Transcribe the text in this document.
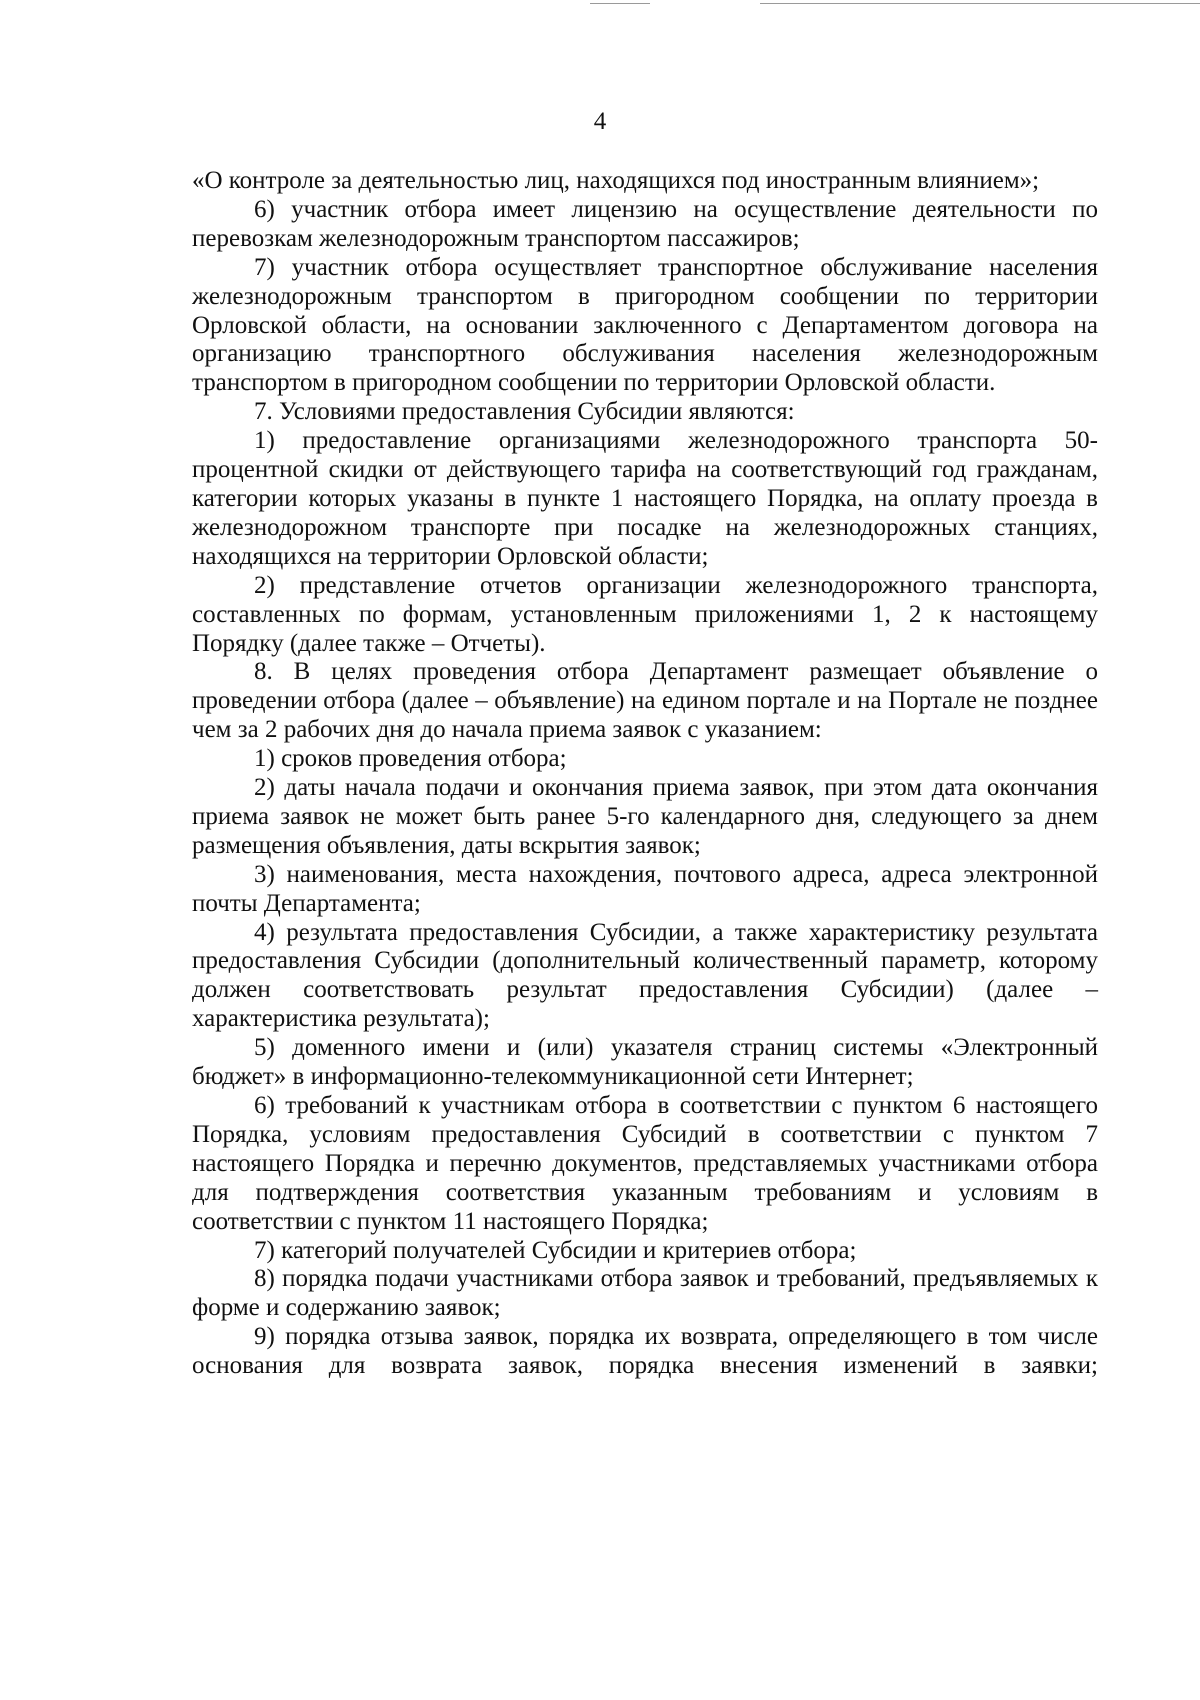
4

«О контроле за деятельностью лиц, находящихся под иностранным влиянием»;

6) участник отбора имеет лицензию на осуществление деятельности по перевозкам железнодорожным транспортом пассажиров;

7) участник отбора осуществляет транспортное обслуживание населения железнодорожным транспортом в пригородном сообщении по территории Орловской области, на основании заключенного с Департаментом договора на организацию транспортного обслуживания населения железнодорожным транспортом в пригородном сообщении по территории Орловской области.

7. Условиями предоставления Субсидии являются:

1) предоставление организациями железнодорожного транспорта 50-процентной скидки от действующего тарифа на соответствующий год гражданам, категории которых указаны в пункте 1 настоящего Порядка, на оплату проезда в железнодорожном транспорте при посадке на железнодорожных станциях, находящихся на территории Орловской области;

2) представление отчетов организации железнодорожного транспорта, составленных по формам, установленным приложениями 1, 2 к настоящему Порядку (далее также – Отчеты).

8. В целях проведения отбора Департамент размещает объявление о проведении отбора (далее – объявление) на едином портале и на Портале не позднее чем за 2 рабочих дня до начала приема заявок с указанием:

1) сроков проведения отбора;

2) даты начала подачи и окончания приема заявок, при этом дата окончания приема заявок не может быть ранее 5-го календарного дня, следующего за днем размещения объявления, даты вскрытия заявок;

3) наименования, места нахождения, почтового адреса, адреса электронной почты Департамента;

4) результата предоставления Субсидии, а также характеристику результата предоставления Субсидии (дополнительный количественный параметр, которому должен соответствовать результат предоставления Субсидии) (далее – характеристика результата);

5) доменного имени и (или) указателя страниц системы «Электронный бюджет» в информационно-телекоммуникационной сети Интернет;

6) требований к участникам отбора в соответствии с пунктом 6 настоящего Порядка, условиям предоставления Субсидий в соответствии с пунктом 7 настоящего Порядка и перечню документов, представляемых участниками отбора для подтверждения соответствия указанным требованиям и условиям в соответствии с пунктом 11 настоящего Порядка;

7) категорий получателей Субсидии и критериев отбора;

8) порядка подачи участниками отбора заявок и требований, предъявляемых к форме и содержанию заявок;

9) порядка отзыва заявок, порядка их возврата, определяющего в том числе основания для возврата заявок, порядка внесения изменений в заявки;
